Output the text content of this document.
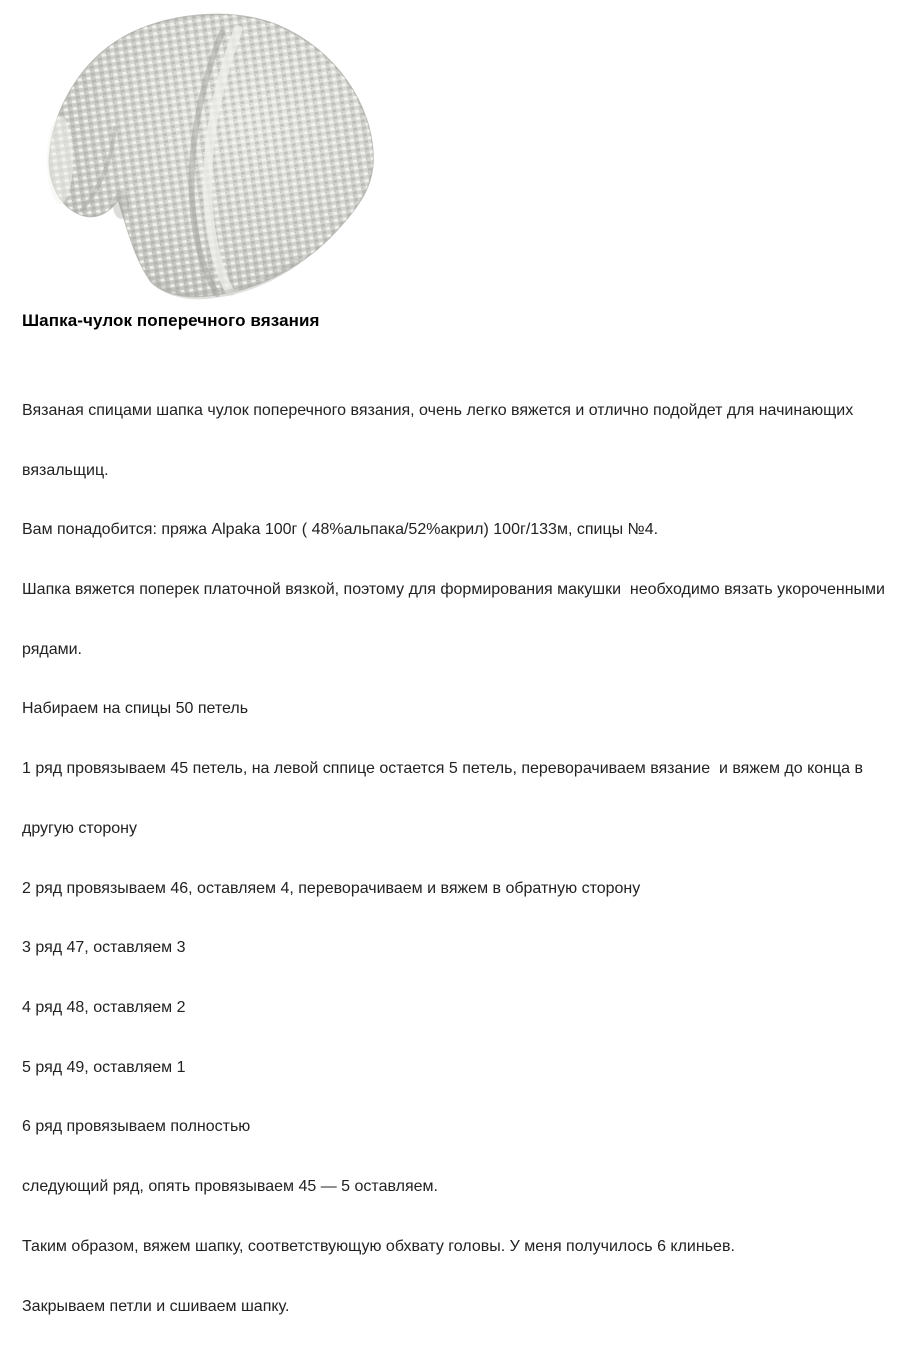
Шапка-чулок поперечного вязания

Вязаная спицами шапка чулок поперечного вязания, очень легко вяжется и отлично подойдет для начинающих

вязальщиц.

Вам понадобится: пряжа Alpaka 100г ( 48%альпака/52%акрил) 100г/133м, спицы №4.

Шапка вяжется поперек платочной вязкой, поэтому для формирования макушки  необходимо вязать укороченными

рядами.

Набираем на спицы 50 петель

1 ряд провязываем 45 петель, на левой сппице остается 5 петель, переворачиваем вязание  и вяжем до конца в

другую сторону

2 ряд провязываем 46, оставляем 4, переворачиваем и вяжем в обратную сторону

3 ряд 47, оставляем 3

4 ряд 48, оставляем 2

5 ряд 49, оставляем 1

6 ряд провязываем полностью

следующий ряд, опять провязываем 45 — 5 оставляем.

Таким образом, вяжем шапку, соответствующую обхвату головы. У меня получилось 6 клиньев.

Закрываем петли и сшиваем шапку.
